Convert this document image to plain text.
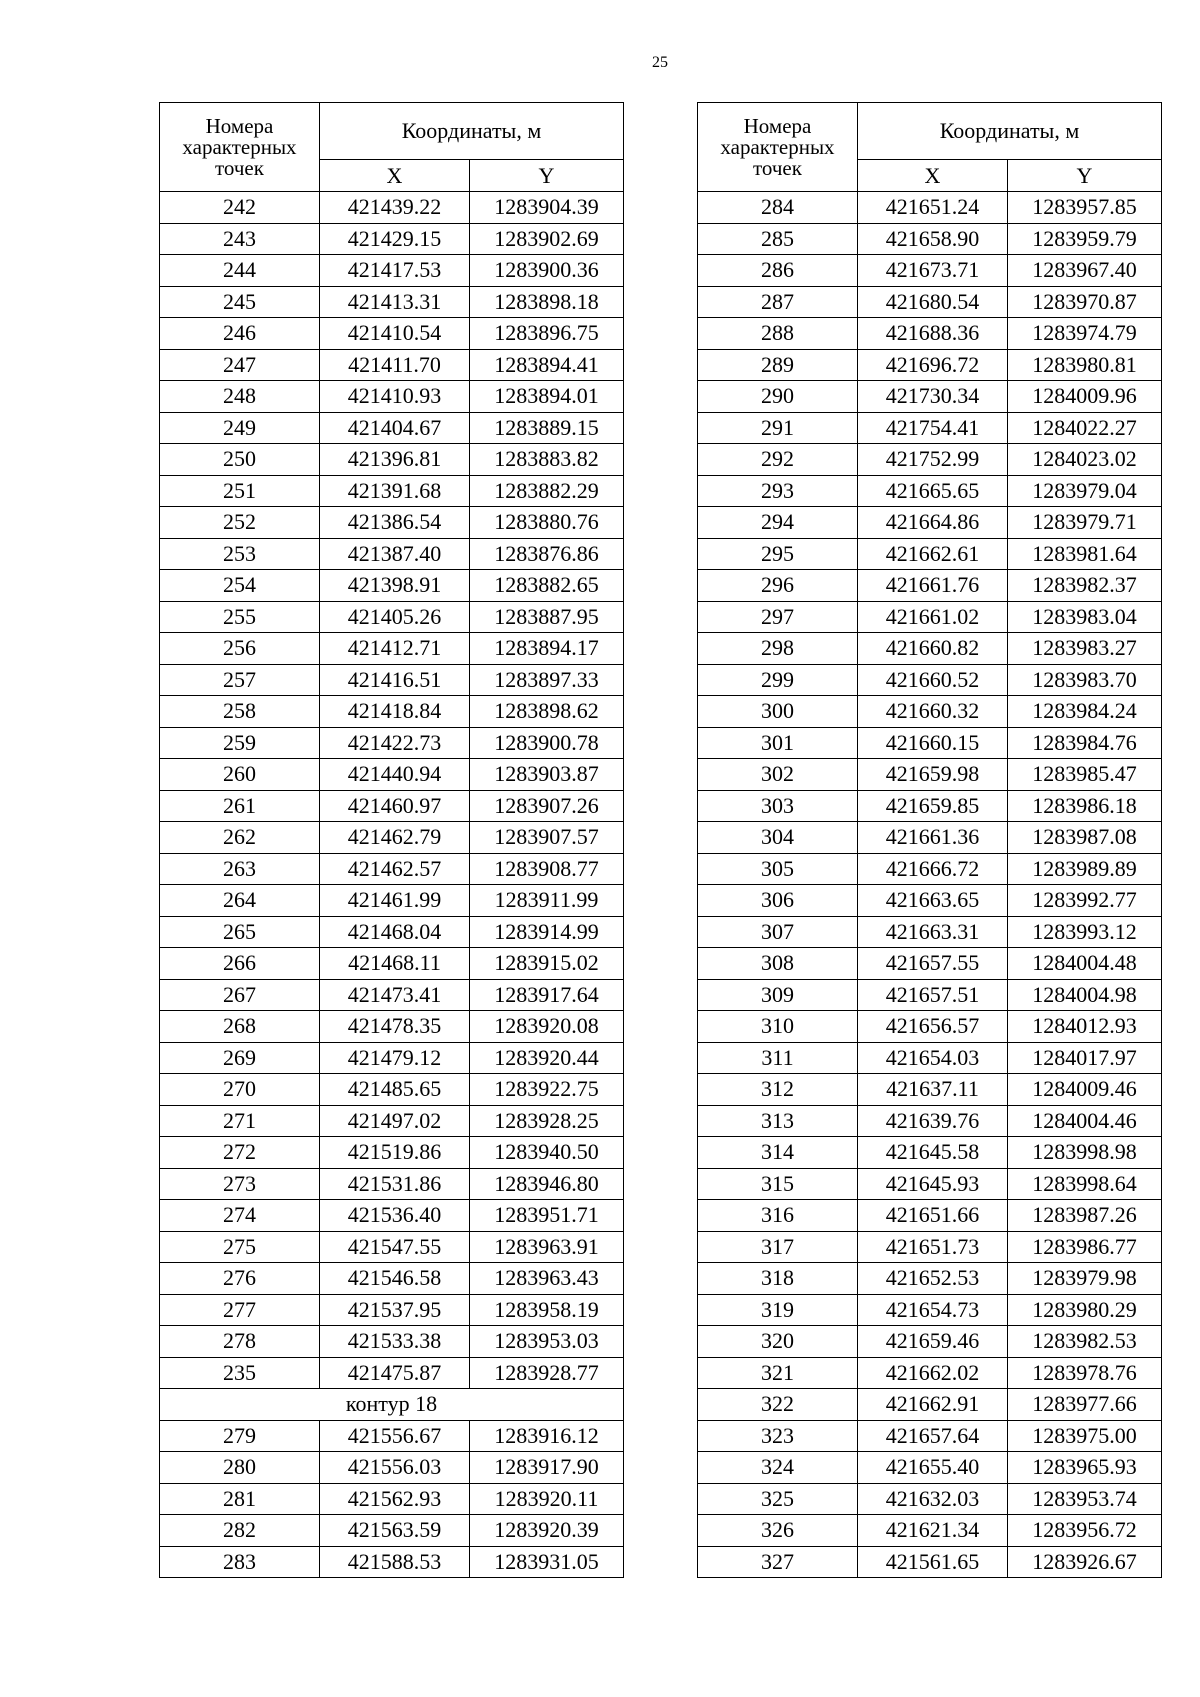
25
Номера
характерных
точек	Координаты, м	
	X	Y
242	421439.22	1283904.39
243	421429.15	1283902.69
244	421417.53	1283900.36
245	421413.31	1283898.18
246	421410.54	1283896.75
247	421411.70	1283894.41
248	421410.93	1283894.01
249	421404.67	1283889.15
250	421396.81	1283883.82
251	421391.68	1283882.29
252	421386.54	1283880.76
253	421387.40	1283876.86
254	421398.91	1283882.65
255	421405.26	1283887.95
256	421412.71	1283894.17
257	421416.51	1283897.33
258	421418.84	1283898.62
259	421422.73	1283900.78
260	421440.94	1283903.87
261	421460.97	1283907.26
262	421462.79	1283907.57
263	421462.57	1283908.77
264	421461.99	1283911.99
265	421468.04	1283914.99
266	421468.11	1283915.02
267	421473.41	1283917.64
268	421478.35	1283920.08
269	421479.12	1283920.44
270	421485.65	1283922.75
271	421497.02	1283928.25
272	421519.86	1283940.50
273	421531.86	1283946.80
274	421536.40	1283951.71
275	421547.55	1283963.91
276	421546.58	1283963.43
277	421537.95	1283958.19
278	421533.38	1283953.03
235	421475.87	1283928.77
контур 18		
279	421556.67	1283916.12
280	421556.03	1283917.90
281	421562.93	1283920.11
282	421563.59	1283920.39
283	421588.53	1283931.05
Номера
характерных
точек	Координаты, м	
	X	Y
284	421651.24	1283957.85
285	421658.90	1283959.79
286	421673.71	1283967.40
287	421680.54	1283970.87
288	421688.36	1283974.79
289	421696.72	1283980.81
290	421730.34	1284009.96
291	421754.41	1284022.27
292	421752.99	1284023.02
293	421665.65	1283979.04
294	421664.86	1283979.71
295	421662.61	1283981.64
296	421661.76	1283982.37
297	421661.02	1283983.04
298	421660.82	1283983.27
299	421660.52	1283983.70
300	421660.32	1283984.24
301	421660.15	1283984.76
302	421659.98	1283985.47
303	421659.85	1283986.18
304	421661.36	1283987.08
305	421666.72	1283989.89
306	421663.65	1283992.77
307	421663.31	1283993.12
308	421657.55	1284004.48
309	421657.51	1284004.98
310	421656.57	1284012.93
311	421654.03	1284017.97
312	421637.11	1284009.46
313	421639.76	1284004.46
314	421645.58	1283998.98
315	421645.93	1283998.64
316	421651.66	1283987.26
317	421651.73	1283986.77
318	421652.53	1283979.98
319	421654.73	1283980.29
320	421659.46	1283982.53
321	421662.02	1283978.76
322	421662.91	1283977.66
323	421657.64	1283975.00
324	421655.40	1283965.93
325	421632.03	1283953.74
326	421621.34	1283956.72
327	421561.65	1283926.67
